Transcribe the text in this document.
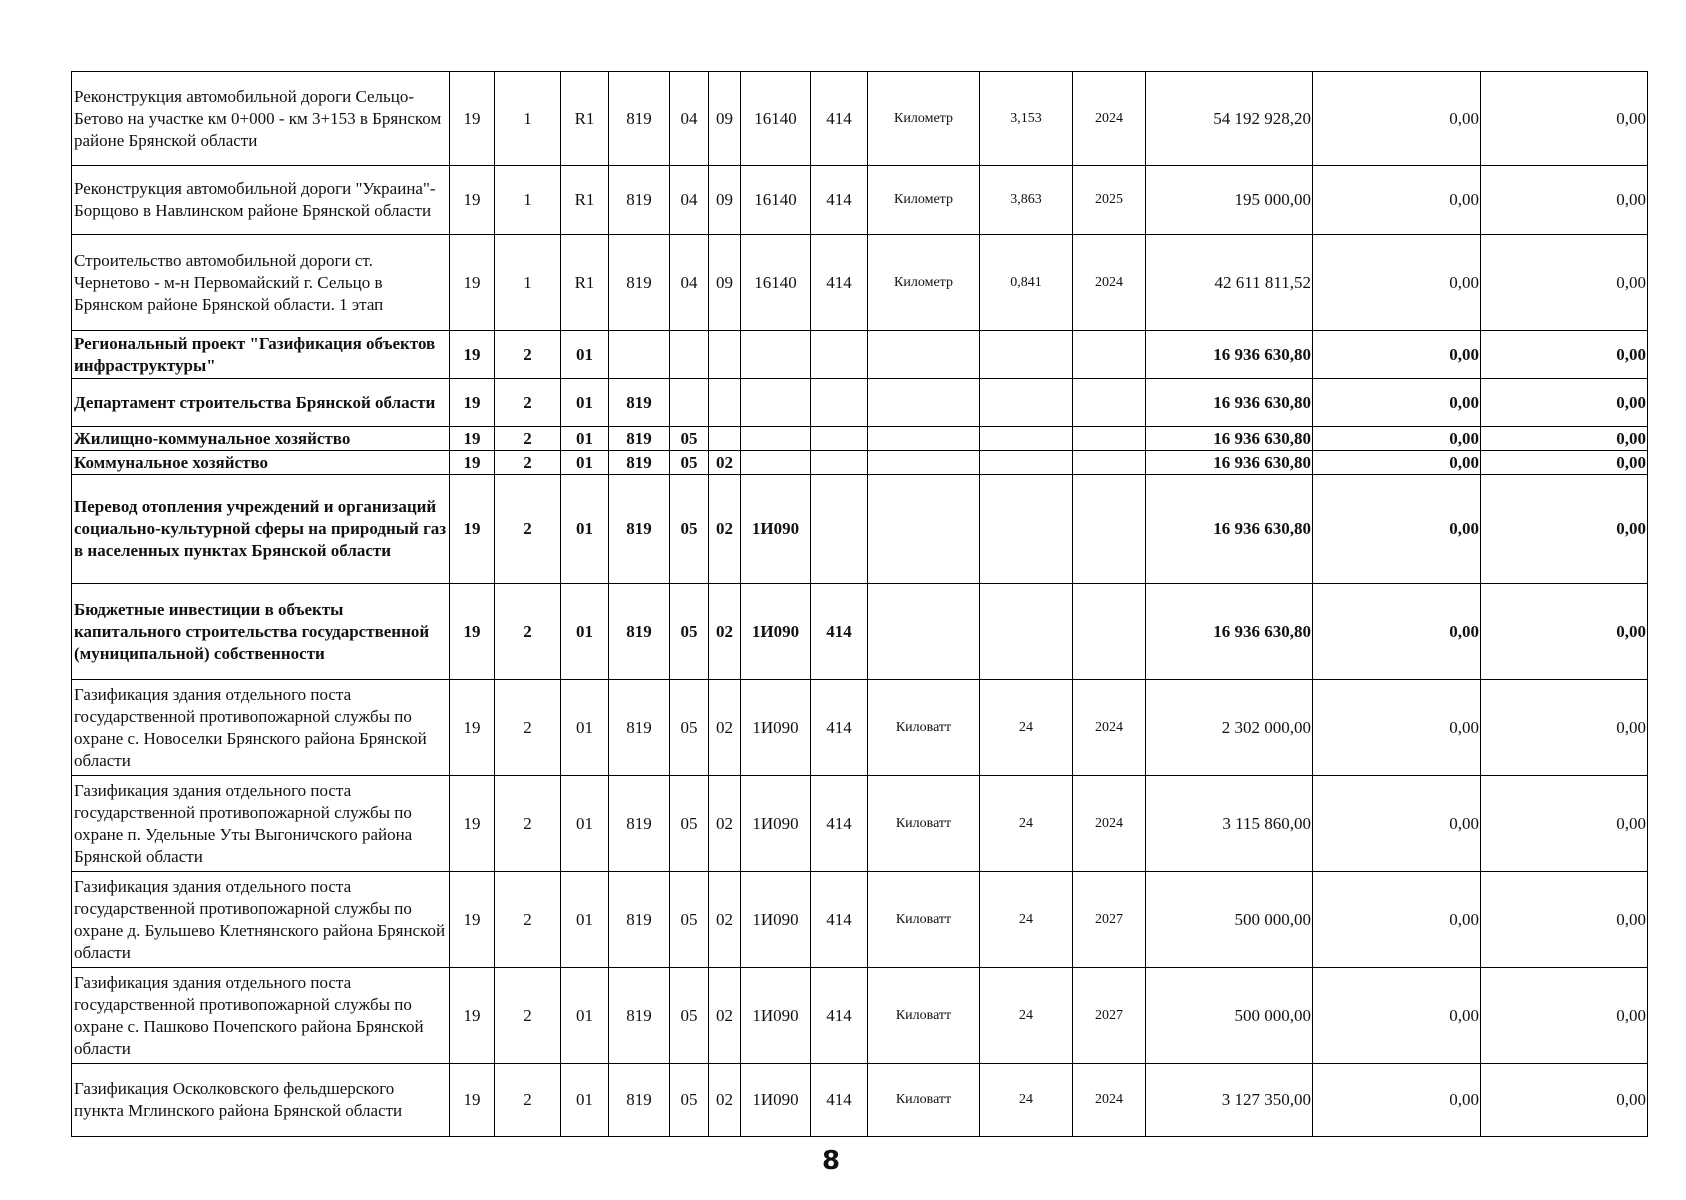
Реконструкция автомобильной дороги Сельцо-Бетово на участке км 0+000 - км 3+153 в Брянском районе Брянской области	19	1	R1	819	04	09	16140	414	Километр	3,153	2024	54 192 928,20	0,00	0,00
Реконструкция автомобильной дороги "Украина"-Борщово в Навлинском районе Брянской области	19	1	R1	819	04	09	16140	414	Километр	3,863	2025	195 000,00	0,00	0,00
Строительство автомобильной дороги ст. Чернетово - м-н Первомайский г. Сельцо в Брянском районе Брянской области. 1 этап	19	1	R1	819	04	09	16140	414	Километр	0,841	2024	42 611 811,52	0,00	0,00
Региональный проект "Газификация объектов инфраструктуры"	19	2	01									16 936 630,80	0,00	0,00
Департамент строительства Брянской области	19	2	01	819								16 936 630,80	0,00	0,00
Жилищно-коммунальное хозяйство	19	2	01	819	05							16 936 630,80	0,00	0,00
Коммунальное хозяйство	19	2	01	819	05	02						16 936 630,80	0,00	0,00
Перевод отопления учреждений и организаций социально-культурной сферы на природный газ в населенных пунктах Брянской области	19	2	01	819	05	02	1И090					16 936 630,80	0,00	0,00
Бюджетные инвестиции в объекты капитального строительства государственной (муниципальной) собственности	19	2	01	819	05	02	1И090	414				16 936 630,80	0,00	0,00
Газификация здания отдельного поста государственной противопожарной службы по охране с. Новоселки Брянского района Брянской области	19	2	01	819	05	02	1И090	414	Киловатт	24	2024	2 302 000,00	0,00	0,00
Газификация здания отдельного поста государственной противопожарной службы по охране п. Удельные Уты Выгоничского района Брянской области	19	2	01	819	05	02	1И090	414	Киловатт	24	2024	3 115 860,00	0,00	0,00
Газификация здания отдельного поста государственной противопожарной службы по охране д. Бульшево Клетнянского района Брянской области	19	2	01	819	05	02	1И090	414	Киловатт	24	2027	500 000,00	0,00	0,00
Газификация здания отдельного поста государственной противопожарной службы по охране с. Пашково Почепского района Брянской области	19	2	01	819	05	02	1И090	414	Киловатт	24	2027	500 000,00	0,00	0,00
Газификация Осколковского фельдшерского пункта Мглинского района Брянской области	19	2	01	819	05	02	1И090	414	Киловатт	24	2024	3 127 350,00	0,00	0,00
8
